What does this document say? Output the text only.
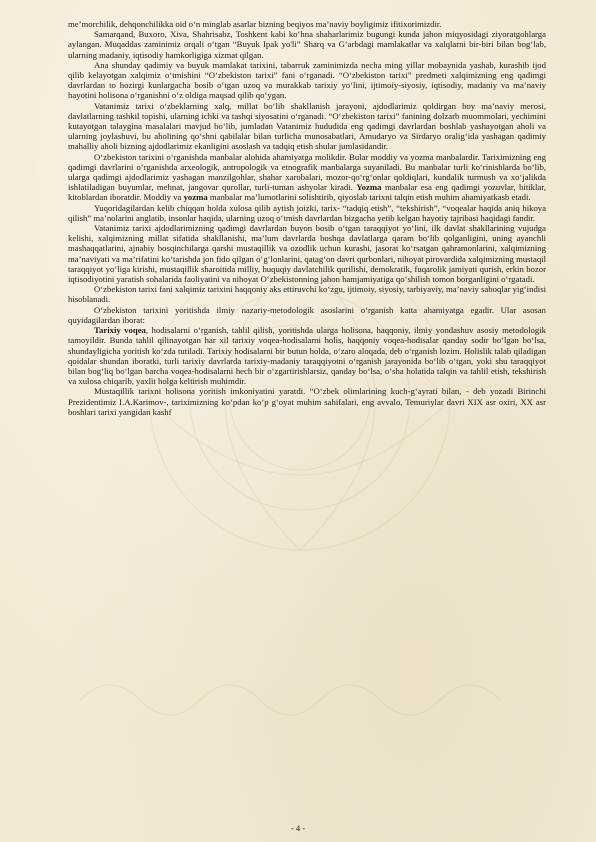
me’morchilik, dehqonchilikka oid o‘n minglab asarlar bizning beqiyos ma’naviy boyligimiz ifitixorimizdir.

Samarqand, Buxoro, Xiva, Shahrisabz, Toshkent kabi ko‘hna shaharlarimiz bugungi kunda jahon miqyosidagi ziyoratgohlarga aylangan. Muqaddas zaminimiz orqali o‘tgan “Buyuk Ipak yo'li” Sharq va G‘arbdagi mamlakatlar va xalqlarni bir-biri bilan bog‘lab, ularning madaniy, iqtisodiy hamkorligiga xizmat qilgan.

Ana shunday qadimiy va buyuk mamlakat tarixini, tabarruk zaminimizda necha ming yillar mobaynida yashab, kurashib ijod qilib kelayotgan xalqimiz o‘tmishini “O‘zbekiston tarixi” fani o‘rganadi. “O‘zbekiston tarixi” predmeti xalqimizning eng qadimgi davrlardan to hozirgi kunlargacha bosib o‘tgan uzoq va murakkab tarixiy yo‘lini, ijtimoiy-siyosiy, iqtisodiy, madaniy va ma’naviy hayotini holisona o‘rganishni o‘z oldiga maqsad qilib qo‘ygan.

Vatanimiz tarixi o‘zbeklarning xalq, millat bo‘lib shakllanish jarayoni, ajdodlarimiz qoldirgan boy ma’naviy merosi, davlatlarning tashkil topishi, ularning ichki va tashqi siyosatini o‘rganadi. “O‘zbekiston tarixi” fanining dolzarb muommolari, yechimini kutayotgan talaygina masalalari mavjud bo‘lib, jumladan Vatanimiz hududida eng qadimgi davrlardan boshlab yashayotgan aholi va ularning joylashuvi, bu aholining qo‘shni qabilalar bilan turlicha munosabatlari, Amudaryo va Sirdaryo oralig‘ida yashagan qadimiy mahalliy aholi bizning ajdodlarimiz ekanligini asoslash va tadqiq etish shular jumlasidandir.

O‘zbekiston tarixini o‘rganishda manbalar alohida ahamiyatga molikdir. Bular moddiy va yozma manbalardir. Tariximizning eng qadimgi davrlarini o‘rganishda arxeologik, antropologik va etnografik manbalarga suyaniladi. Bu manbalar turli ko‘rinishlarda bo‘lib, ularga qadimgi ajdodlarimiz yashagan manzilgohlar, shahar xarobalari, mozor-qo‘rg‘onlar qoldiqlari, kundalik turmush va xo‘jalikda ishlatiladigan buyumlar, mehnat, jangovar qurollar, turli-tuman ashyolar kiradi. Yozma manbalar esa eng qadimgi yozuvlar, bitiklar, kitoblardan iboratdir. Moddiy va yozma manbalar ma’lumotlarini solishtirib, qiyoslab tarixni talqin etish muhim ahamiyatkasb etadi.

Yuqoridagilardan kelib chiqqan holda xulosa qilib aytish joizki, tarix- “tadqiq etish”, “tekshirish”, “voqealar haqida aniq hikoya qilish” ma’nolarini anglatib, insonlar haqida, ularning uzoq o‘tmish davrlardan bizgacha yetib kelgan hayotiy tajribasi haqidagi fandir.

Vatanimiz tarixi ajdodlarimizning qadimgi davrlardan buyon bosib o‘tgan taraqqiyot yo‘lini, ilk davlat shakllarining vujudga kelishi, xalqimizning millat sifatida shakllanishi, ma’lum davrlarda boshqa davlatlarga qaram bo‘lib qolganligini, uning ayanchli mashaqqatlarini, ajnabiy bosqinchilarga qarshi mustaqillik va ozodlik uchun kurashi, jasorat ko‘rsatgan qahramonlarini, xalqimizning ma’naviyati va ma’rifatini ko‘tarishda jon fido qilgan o‘g‘lonlarini, qatag‘on davri qurbonlari, nihoyat pirovardida xalqimizning mustaqil taraqqiyot yo‘liga kirishi, mustaqillik sharoitida milliy, huquqiy davlatchilik qurilishi, demokratik, fuqarolik jamiyati qurish, erkin bozor iqtisodiyotini yaratish sohalarida faoliyatini va nihoyat O‘zbekistonning jahon hamjamiyatiga qo‘shilish tomon borganligini o‘rgatadi.

O‘zbekiston tarixi fani xalqimiz tarixini haqqoniy aks ettiruvchi ko‘zgu, ijtimoiy, siyosiy, tarbiyaviy, ma’naviy saboqlar yig‘indisi hisoblanadi.

O‘zbekiston tarixini yoritishda ilmiy nazariy-metodologik asoslarini o‘rganish katta ahamiyatga egadir. Ular asosan quyidagilardan iborat:

Tarixiy voqea, hodisalarni o‘rganish, tahlil qilish, yoritishda ularga holisona, haqqoniy, ilmiy yondashuv asosiy metodologik tamoyildir. Bunda tahlil qilinayotgan har xil tarixiy voqea-hodisalarni holis, haqqoniy voqea-hodisalar qanday sodir bo‘lgan bo‘lsa, shundayligicha yoritish ko‘zda tutiladi. Tarixiy hodisalarni bir butun holda, o‘zaro aloqada, deb o‘rganish lozim. Holislik talab qiladigan qoidalar shundan iboratki, turli tarixiy davrlarda tarixiy-madaniy taraqqiyotni o‘rganish jarayonida bo‘lib o‘tgan, yoki shu taraqqiyot bilan bog‘liq bo‘lgan barcha voqea-hodisalarni hech bir o‘zgartirishlarsiz, qanday bo‘lsa, o‘sha holatida talqin va tahlil etish, tekshirish va xulosa chiqarib, yaxlit holga keltirish muhimdir.

Mustaqillik tarixni holisona yoritish imkoniyatini yaratdi. “O‘zbek olimlarining kuch-g‘ayrati bilan, - deb yozadi Birinchi Prezidentimiz I.A.Karimov-, tariximizning ko‘pdan ko‘p g‘oyat muhim sahifalari, eng avvalo, Temuriylar davri XIX asr oxiri, XX asr boshlari tarixi yangidan kashf

- 4 -
